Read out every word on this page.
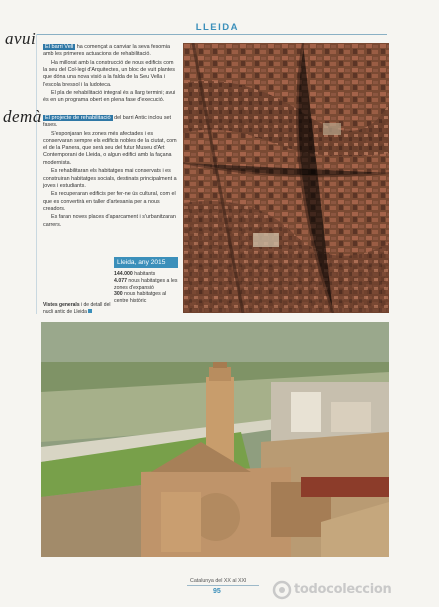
LLEIDA
avui
demà

El barri Vell ha començat a canviar la seva fesomia amb les primeres actuacions de rehabilitació.

Ha millorat amb la construcció de nous edificis com la seu del Col·legi d'Arquitectes, un bloc de vuit plantes que dóna una nova visió a la falda de la Seu Vella i l'escola bressol i la ludoteca.

El pla de rehabilitació integral és a llarg termini; avui és en un programa obert en plena fase d'execució.

El projecte de rehabilitació del barri Antic inclou set fases.

S'esponjaran les zones més afectades i es conservaran sempre els edificis nobles de la ciutat, com el de la Panera, que serà seu del futur Museu d'Art Contemporani de Lleida, o algun edifici amb la façana modernista.

Es rehabilitaran els habitatges mai conservats i es construiran habitatges socials, destinats principalment a joves i estudiants.

Es recuperaran edificis per fer-ne ús cultural, com el que es convertirà en taller d'artesania per a nous creadors.

Es faran noves places d'aparcament i s'urbanitzaran carrers.

Lleida, any 2015
144.000 habitants
4.077 nous habitatges a les zones d'expansió
300 nous habitatges al centre històric
Vistes generals i de detall del nucli antic de Lleida
Catalunya del XX al XXI
95	todocoleccion
